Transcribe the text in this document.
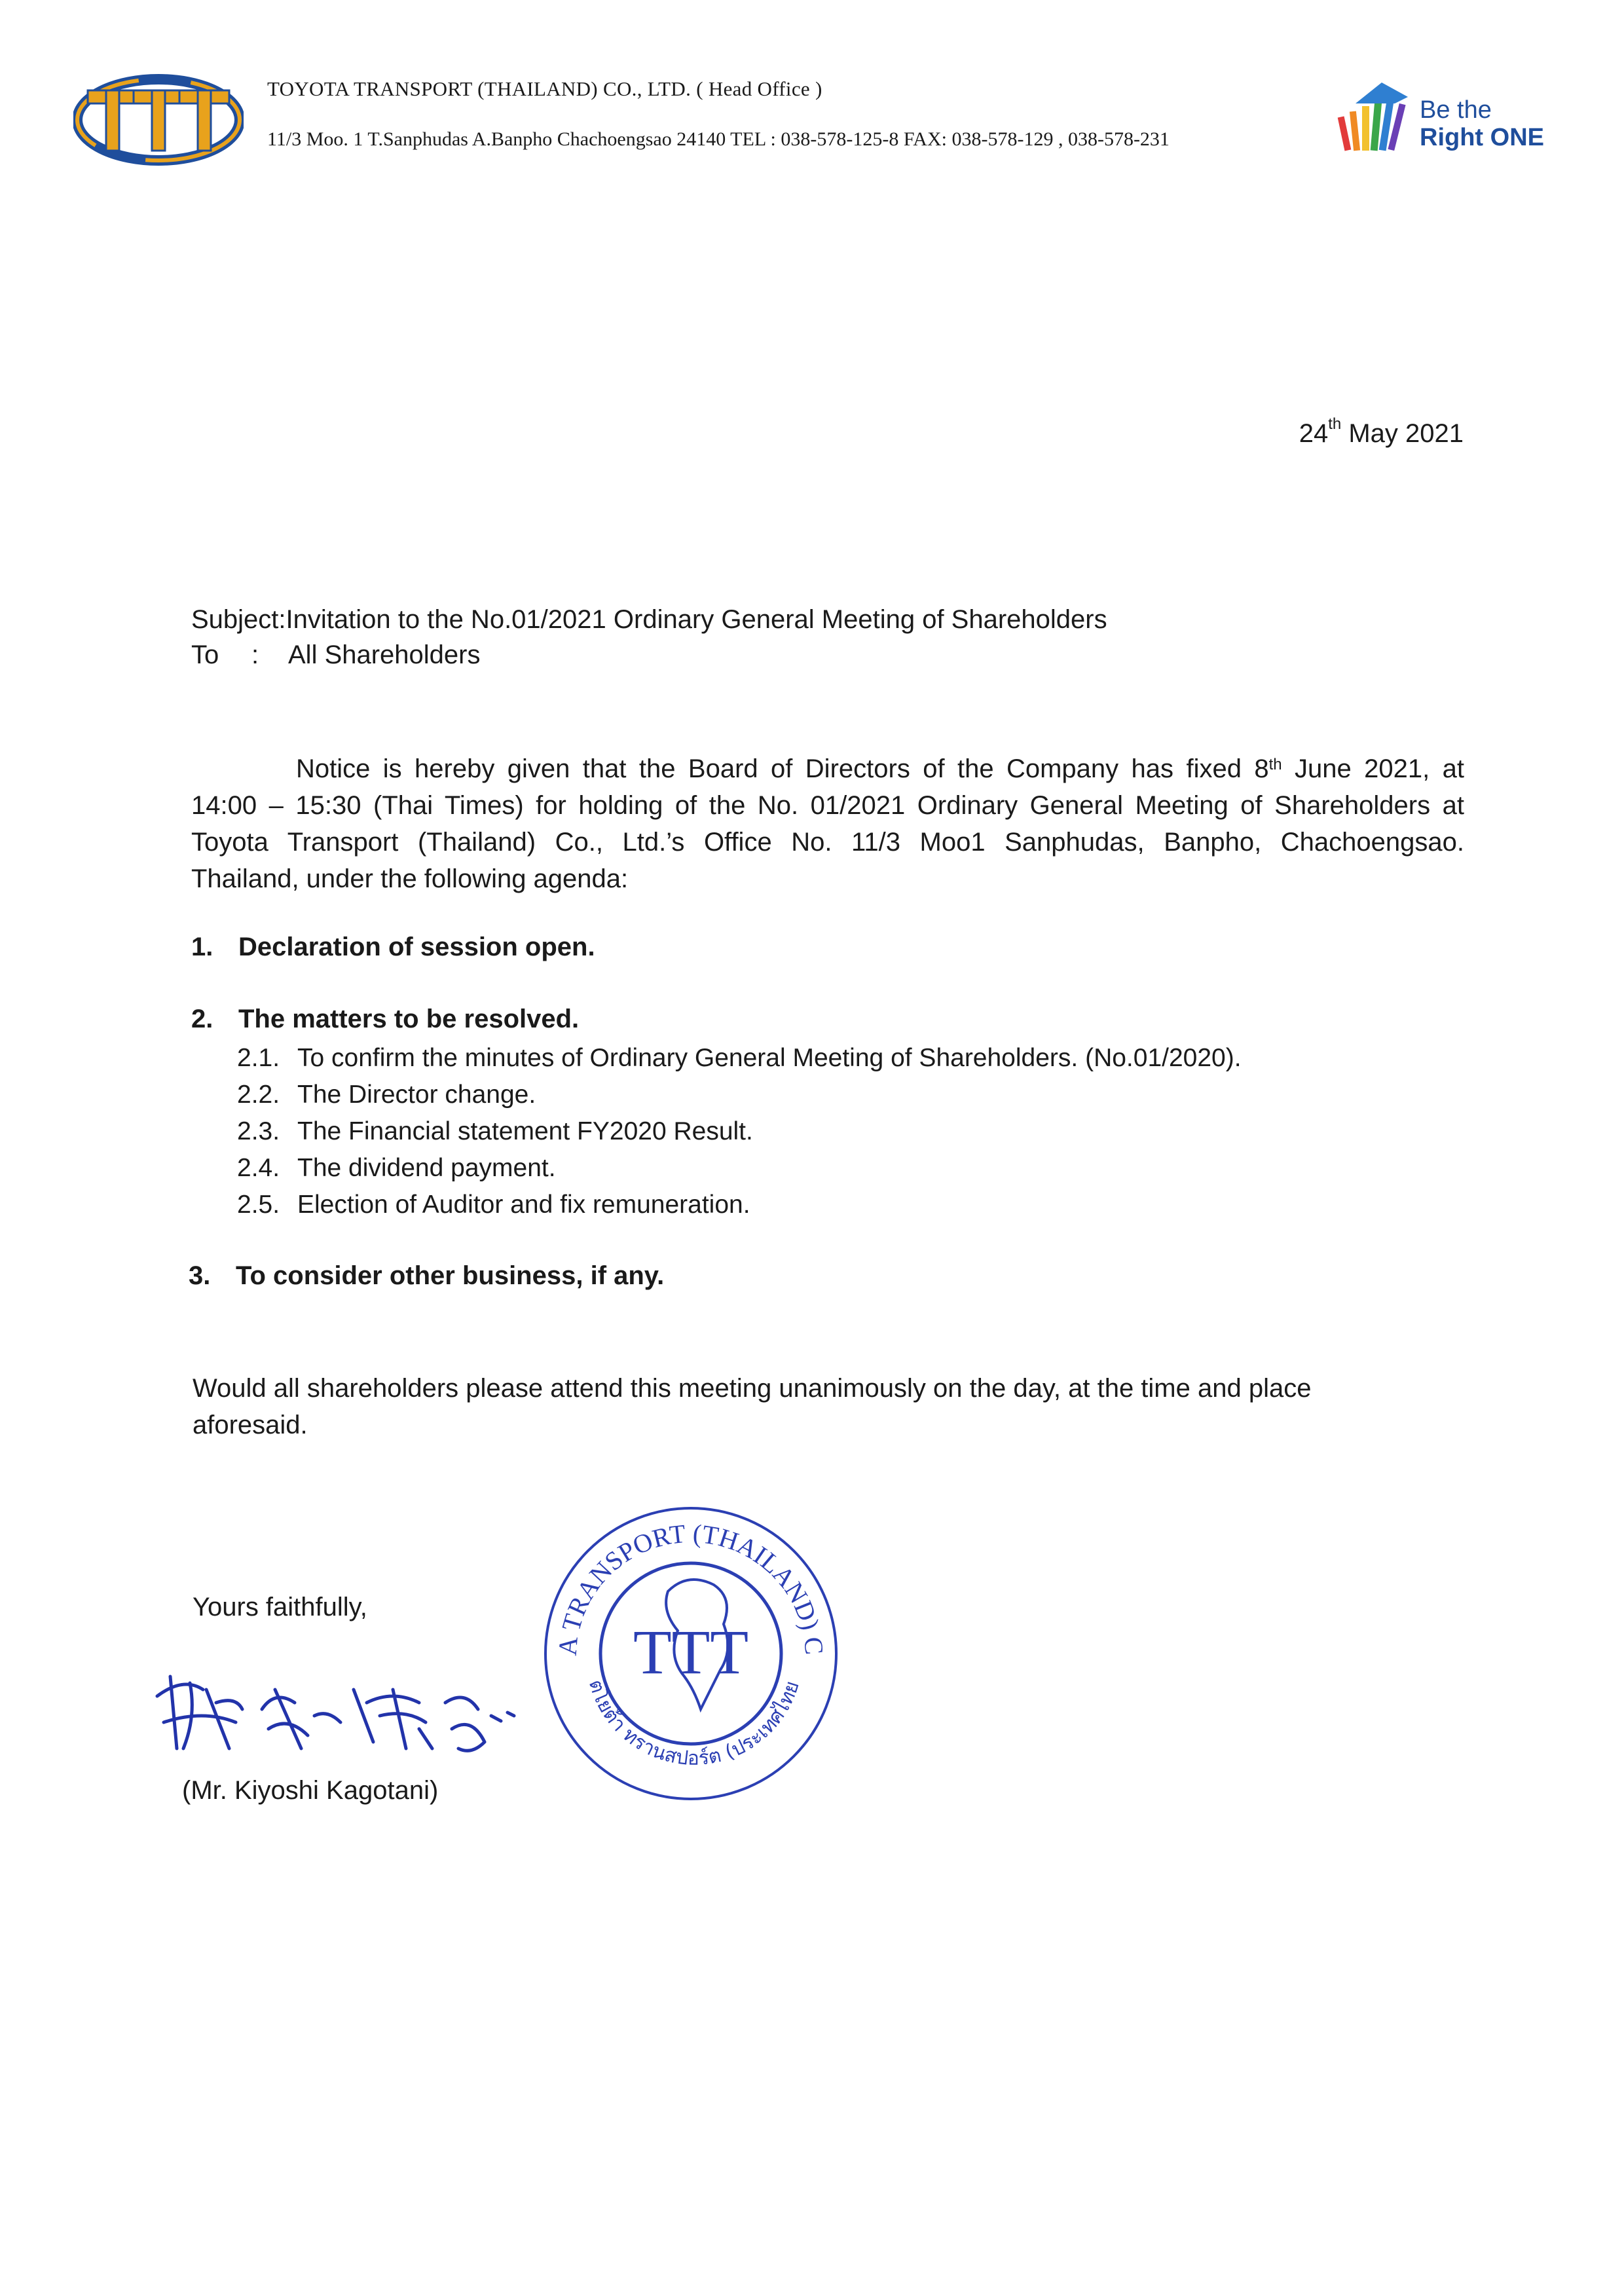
TOYOTA TRANSPORT (THAILAND) CO., LTD. ( Head Office )
11/3 Moo. 1 T.Sanphudas A.Banpho Chachoengsao 24140 TEL : 038-578-125-8 FAX: 038-578-129 , 038-578-231
Be the
Right ONE
24th May 2021
Subject:Invitation to the No.01/2021 Ordinary General Meeting of Shareholders
To : All Shareholders
Notice is hereby given that the Board of Directors of the Company has fixed 8th June 2021, at
14:00 – 15:30 (Thai Times) for holding of the No. 01/2021 Ordinary General Meeting of Shareholders at
Toyota Transport (Thailand) Co., Ltd.’s Office No. 11/3 Moo1 Sanphudas, Banpho, Chachoengsao.
Thailand, under the following agenda:
1. Declaration of session open.
2. The matters to be resolved.
2.1. To confirm the minutes of Ordinary General Meeting of Shareholders. (No.01/2020).
2.2. The Director change.
2.3. The Financial statement FY2020 Result.
2.4. The dividend payment.
2.5. Election of Auditor and fix remuneration.
3. To consider other business, if any.
Would all shareholders please attend this meeting unanimously on the day, at the time and place
aforesaid.
Yours faithfully,
(Mr. Kiyoshi Kagotani)
A TRANSPORT (THAILAND) C
ตโยต้า ทรานสปอร์ต (ประเทศไทย
TTT
